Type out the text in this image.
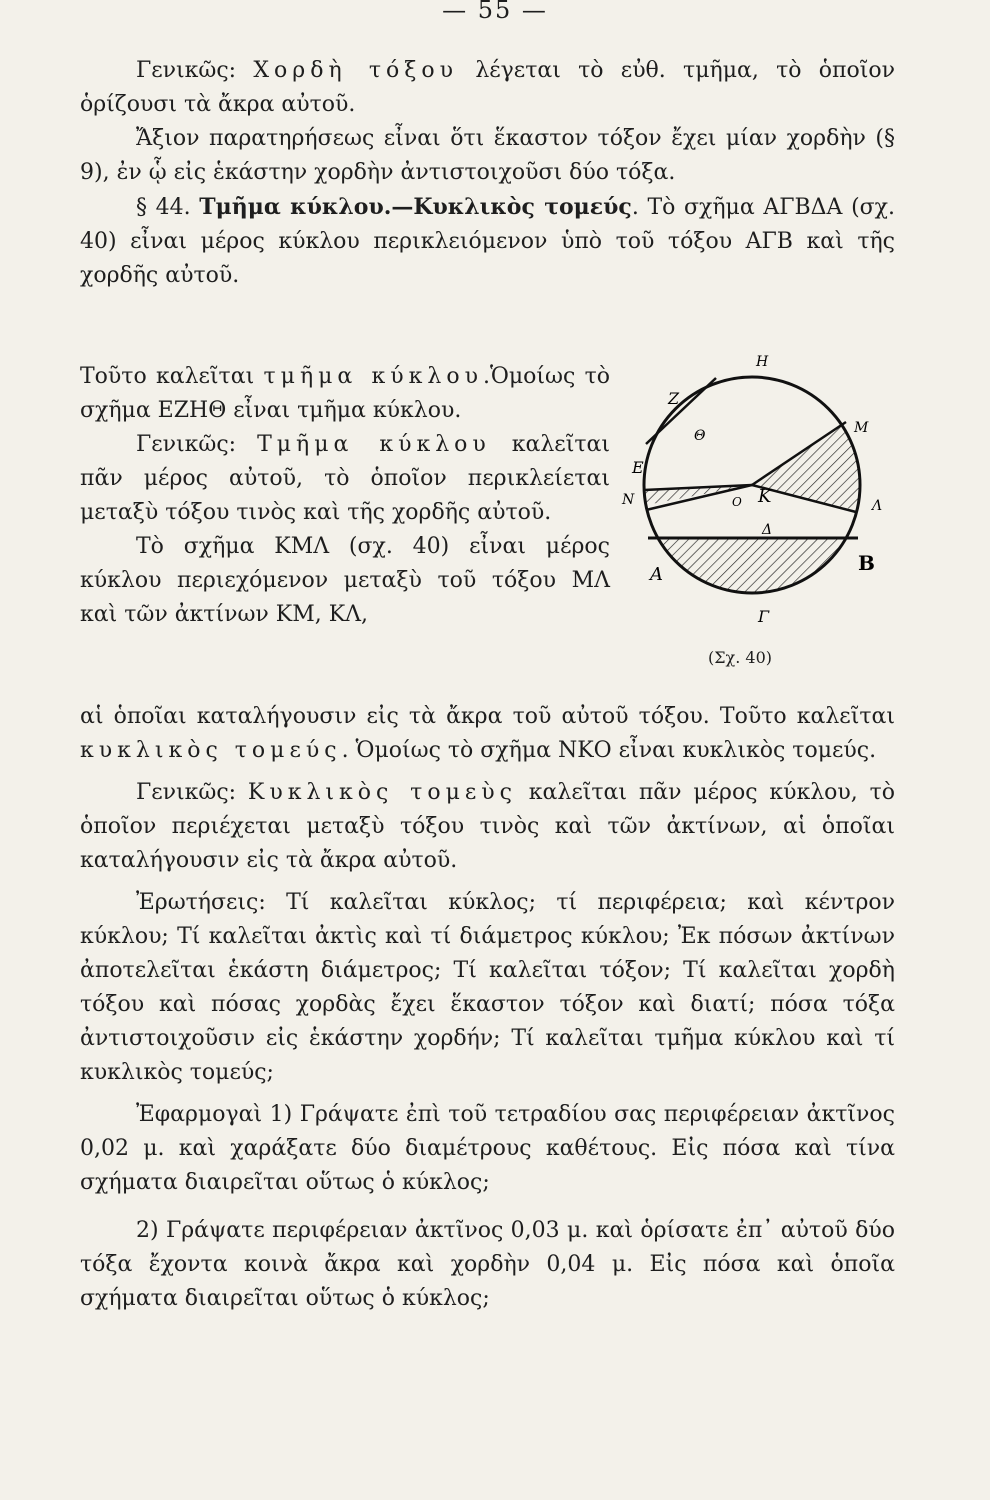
— 55 —

Γενικῶς: Χορδὴ τόξου λέγεται τὸ εὐθ. τμῆμα, τὸ ὁποῖον ὁρίζουσι τὰ ἄκρα αὐτοῦ.

Ἄξιον παρατηρήσεως εἶναι ὅτι ἕκαστον τόξον ἔχει μίαν χορδὴν (§ 9), ἐν ᾧ εἰς ἑκάστην χορδὴν ἀντιστοιχοῦσι δύο τόξα.

§ 44. Τμῆμα κύκλου.—Κυκλικὸς τομεύς. Τὸ σχῆμα ΑΓΒΔΑ (σχ. 40) εἶναι μέρος κύκλου περικλειόμενον ὑπὸ τοῦ τόξου ΑΓΒ καὶ τῆς χορδῆς αὐτοῦ.

Τοῦτο καλεῖται τμῆμα κύκλου.Ὁμοίως τὸ σχῆμα ΕΖΗΘ εἶναι τμῆμα κύκλου.

Γενικῶς: Τμῆμα κύκλου καλεῖται πᾶν μέρος αὐτοῦ, τὸ ὁποῖον περικλείεται μεταξὺ τόξου τινὸς καὶ τῆς χορδῆς αὐτοῦ.

Τὸ σχῆμα ΚΜΛ (σχ. 40) εἶναι μέρος κύκλου περιεχόμενον μεταξὺ τοῦ τόξου ΜΛ καὶ τῶν ἀκτίνων ΚΜ, ΚΛ,

Η
Ζ
Μ
Θ
Ε
Κ
Ν	Λ
Ο
Δ
Α	Β
Γ
(Σχ. 40)

αἱ ὁποῖαι καταλήγουσιν εἰς τὰ ἄκρα τοῦ αὐτοῦ τόξου. Τοῦτο καλεῖται κυκλικὸς τομεύς. Ὁμοίως τὸ σχῆμα ΝΚΟ εἶναι κυκλικὸς τομεύς.

Γενικῶς: Κυκλικὸς τομεὺς καλεῖται πᾶν μέρος κύκλου, τὸ ὁποῖον περιέχεται μεταξὺ τόξου τινὸς καὶ τῶν ἀκτίνων, αἱ ὁποῖαι καταλήγουσιν εἰς τὰ ἄκρα αὐτοῦ.

Ἐρωτήσεις: Τί καλεῖται κύκλος; τί περιφέρεια; καὶ κέντρον κύκλου; Τί καλεῖται ἀκτὶς καὶ τί διάμετρος κύκλου; Ἐκ πόσων ἀκτίνων ἀποτελεῖται ἑκάστη διάμετρος; Τί καλεῖται τόξον; Τί καλεῖται χορδὴ τόξου καὶ πόσας χορδὰς ἔχει ἕκαστον τόξον καὶ διατί; πόσα τόξα ἀντιστοιχοῦσιν εἰς ἑκάστην χορδήν; Τί καλεῖται τμῆμα κύκλου καὶ τί κυκλικὸς τομεύς;

Ἐφαρμογαὶ 1) Γράψατε ἐπὶ τοῦ τετραδίου σας περιφέρειαν ἀκτῖνος 0,02 μ. καὶ χαράξατε δύο διαμέτρους καθέτους. Εἰς πόσα καὶ τίνα σχήματα διαιρεῖται οὕτως ὁ κύκλος;

2) Γράψατε περιφέρειαν ἀκτῖνος 0,03 μ. καὶ ὁρίσατε ἐπ᾽ αὐτοῦ δύο τόξα ἔχοντα κοινὰ ἄκρα καὶ χορδὴν 0,04 μ. Εἰς πόσα καὶ ὁποῖα σχήματα διαιρεῖται οὕτως ὁ κύκλος;
